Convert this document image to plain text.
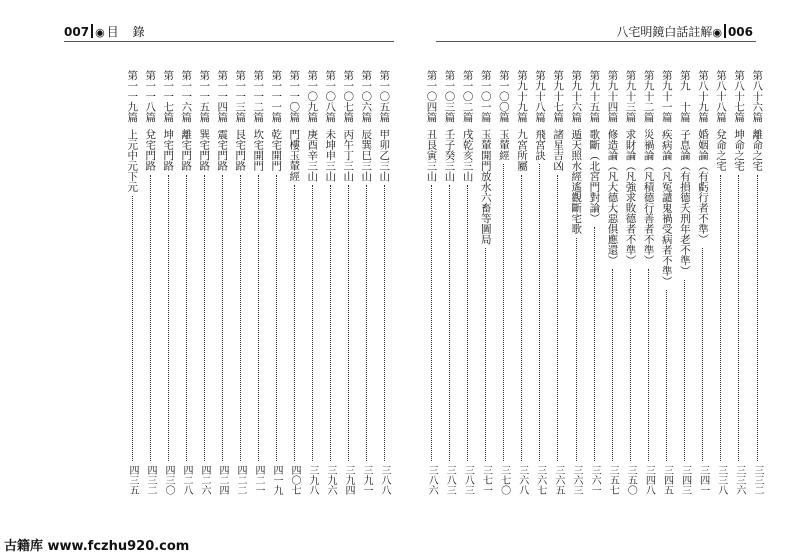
007 ◉ 目錄	八宅明鏡白話註解◉ 006
第八十六篇
離命之宅
三三二
第八十七篇
坤命之宅
三三六
第八十八篇
兌命之宅
三三八
第八十九篇
婚姻論（有虧行者不準）
三四一
第九　十篇
子息論（有損德夭刑年老不準）
三四三
第九十一篇
疾病論（凡冤譴鬼禍受病者不準）
三四五
第九十二篇
災禍論（凡積德行善者不準）
三四八
第九十三篇
求財論（凡強求敗德者不準）
三五〇
第九十四篇
修造論（凡大德大惡俱應還）
三五七
第九十五篇
歌斷（北宮門對論）
三六一
第九十六篇
遁天照水經遙觀斷宅歌
三六三
第九十七篇
諸星吉凶
三六五
第九十八篇
飛宮訣
三六七
第九十九篇
九宮所屬
三六八
第一〇〇篇
玉輦經
三七〇
第一〇一篇
玉輦開門放水六畜等圖局
三七一
第一〇二篇
戌乾亥三山
三八三
第一〇三篇
壬子癸三山
三八三
第一〇四篇
丑艮寅三山
三八六
第一〇五篇
甲卯乙三山
三八八
第一〇六篇
辰巽巳三山
三九一
第一〇七篇
丙午丁三山
三九四
第一〇八篇
未坤申三山
三九六
第一〇九篇
庚酉辛三山
三九八
第一一〇篇
門樓玉輦經
四〇七
第一一一篇
乾宅開門
四一九
第一一二篇
坎宅開門
四二一
第一一三篇
艮宅門路
四二二
第一一四篇
震宅門路
四二四
第一一五篇
巽宅門路
四二六
第一一六篇
離宅門路
四二八
第一一七篇
坤宅門路
四三〇
第一一八篇
兌宅門路
四三二
第一一九篇
上元中元下元
四三五
古籍库 www.fczhu920.com
